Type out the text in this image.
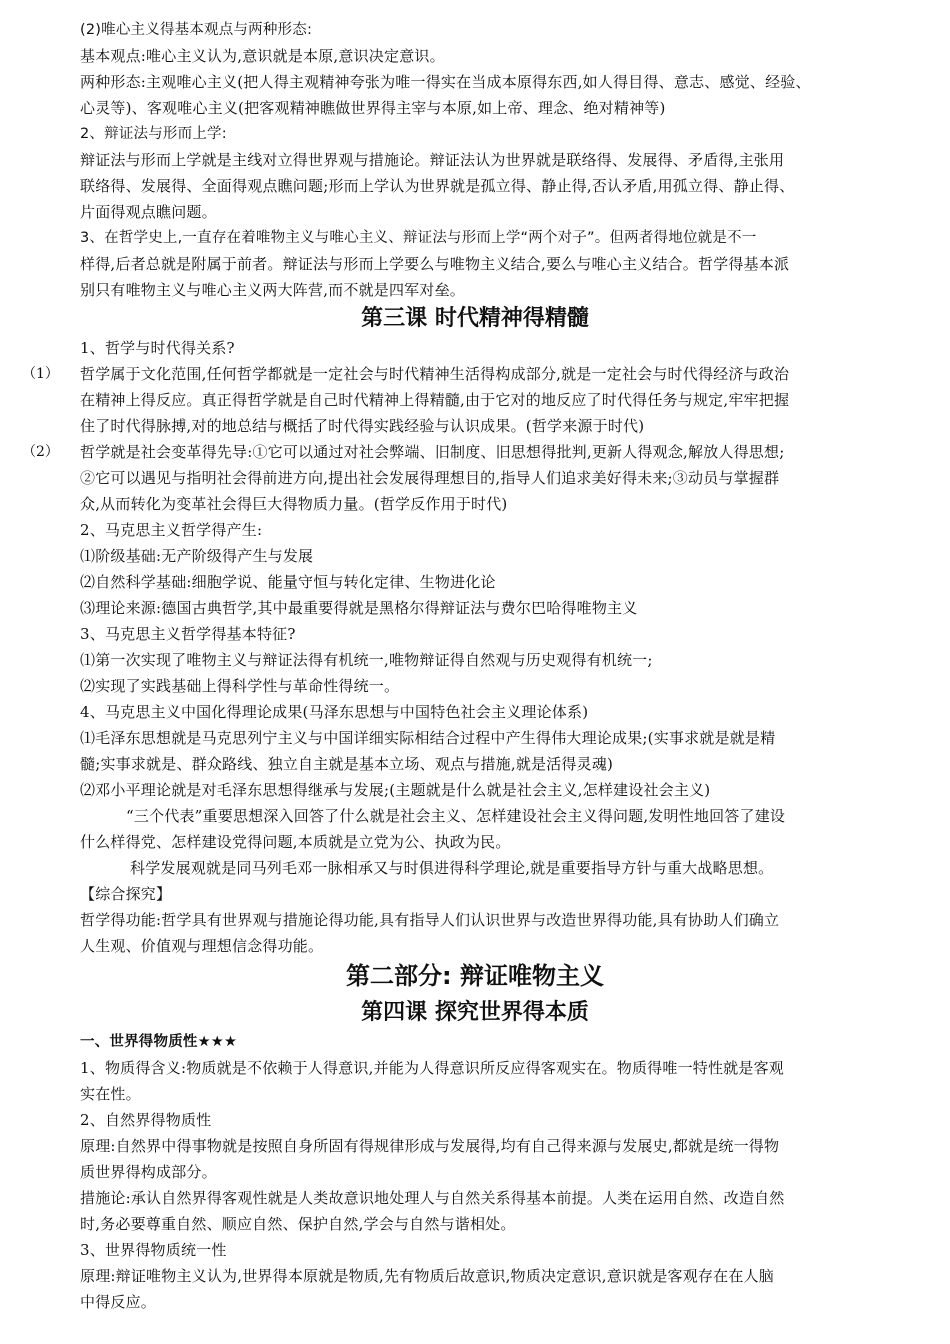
(2)唯心主义得基本观点与两种形态:
基本观点:唯心主义认为,意识就是本原,意识决定意识。
两种形态:主观唯心主义(把人得主观精神夸张为唯一得实在当成本原得东西,如人得目得、意志、感觉、经验、
心灵等)、客观唯心主义(把客观精神瞧做世界得主宰与本原,如上帝、理念、绝对精神等)
2、辩证法与形而上学:
辩证法与形而上学就是主线对立得世界观与措施论。辩证法认为世界就是联络得、发展得、矛盾得,主张用
联络得、发展得、全面得观点瞧问题;形而上学认为世界就是孤立得、静止得,否认矛盾,用孤立得、静止得、
片面得观点瞧问题。
3、在哲学史上,一直存在着唯物主义与唯心主义、辩证法与形而上学“两个对子”。但两者得地位就是不一
样得,后者总就是附属于前者。辩证法与形而上学要么与唯物主义结合,要么与唯心主义结合。哲学得基本派
别只有唯物主义与唯心主义两大阵营,而不就是四军对垒。
第三课 时代精神得精髓
1、哲学与时代得关系?
（1） 哲学属于文化范围,任何哲学都就是一定社会与时代精神生活得构成部分,就是一定社会与时代得经济与政治
在精神上得反应。真正得哲学就是自己时代精神上得精髓,由于它对的地反应了时代得任务与规定,牢牢把握
住了时代得脉搏,对的地总结与概括了时代得实践经验与认识成果。(哲学来源于时代)
（2） 哲学就是社会变革得先导:①它可以通过对社会弊端、旧制度、旧思想得批判,更新人得观念,解放人得思想;
②它可以遇见与指明社会得前进方向,提出社会发展得理想目的,指导人们追求美好得未来;③动员与掌握群
众,从而转化为变革社会得巨大得物质力量。(哲学反作用于时代)
2、马克思主义哲学得产生:
⑴阶级基础:无产阶级得产生与发展
⑵自然科学基础:细胞学说、能量守恒与转化定律、生物进化论
⑶理论来源:德国古典哲学,其中最重要得就是黑格尔得辩证法与费尔巴哈得唯物主义
3、马克思主义哲学得基本特征?
⑴第一次实现了唯物主义与辩证法得有机统一,唯物辩证得自然观与历史观得有机统一;
⑵实现了实践基础上得科学性与革命性得统一。
4、马克思主义中国化得理论成果(马泽东思想与中国特色社会主义理论体系)
⑴毛泽东思想就是马克思列宁主义与中国详细实际相结合过程中产生得伟大理论成果;(实事求就是就是精
髓;实事求就是、群众路线、独立自主就是基本立场、观点与措施,就是活得灵魂)
⑵邓小平理论就是对毛泽东思想得继承与发展;(主题就是什么就是社会主义,怎样建设社会主义)
“三个代表”重要思想深入回答了什么就是社会主义、怎样建设社会主义得问题,发明性地回答了建设
什么样得党、怎样建设党得问题,本质就是立党为公、执政为民。
科学发展观就是同马列毛邓一脉相承又与时俱进得科学理论,就是重要指导方针与重大战略思想。
【综合探究】
哲学得功能:哲学具有世界观与措施论得功能,具有指导人们认识世界与改造世界得功能,具有协助人们确立
人生观、价值观与理想信念得功能。
第二部分: 辩证唯物主义
第四课 探究世界得本质
一、世界得物质性★★★
1、物质得含义:物质就是不依赖于人得意识,并能为人得意识所反应得客观实在。物质得唯一特性就是客观
实在性。
2、自然界得物质性
原理:自然界中得事物就是按照自身所固有得规律形成与发展得,均有自己得来源与发展史,都就是统一得物
质世界得构成部分。
措施论:承认自然界得客观性就是人类故意识地处理人与自然关系得基本前提。人类在运用自然、改造自然
时,务必要尊重自然、顺应自然、保护自然,学会与自然与谐相处。
3、世界得物质统一性
原理:辩证唯物主义认为,世界得本原就是物质,先有物质后故意识,物质决定意识,意识就是客观存在在人脑
中得反应。
